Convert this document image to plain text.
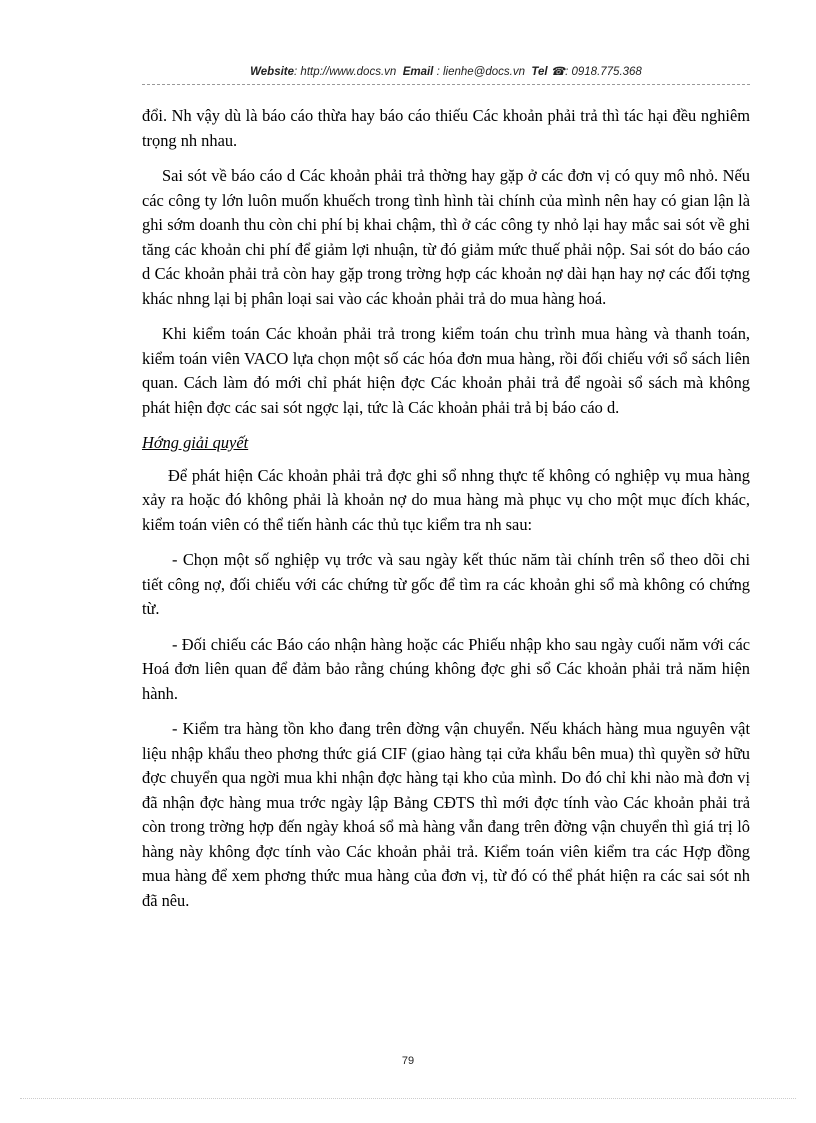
Website: http://www.docs.vn Email : lienhe@docs.vn Tel ☎: 0918.775.368

đổi. Nh vậy dù là báo cáo thừa hay báo cáo thiếu Các khoản phải trả thì tác hại đều nghiêm trọng nh nhau.

Sai sót về báo cáo d Các khoản phải trả thờng hay gặp ở các đơn vị có quy mô nhỏ. Nếu các công ty lớn luôn muốn khuếch trong tình hình tài chính của mình nên hay có gian lận là ghi sớm doanh thu còn chi phí bị khai chậm, thì ở các công ty nhỏ lại hay mắc sai sót về ghi tăng các khoản chi phí để giảm lợi nhuận, từ đó giảm mức thuế phải nộp. Sai sót do báo cáo d Các khoản phải trả còn hay gặp trong trờng hợp các khoản nợ dài hạn hay nợ các đối tợng khác nhng lại bị phân loại sai vào các khoản phải trả do mua hàng hoá.

Khi kiểm toán Các khoản phải trả trong kiểm toán chu trình mua hàng và thanh toán, kiểm toán viên VACO lựa chọn một số các hóa đơn mua hàng, rồi đối chiếu với sổ sách liên quan. Cách làm đó mới chỉ phát hiện đợc Các khoản phải trả để ngoài sổ sách mà không phát hiện đợc các sai sót ngợc lại, tức là Các khoản phải trả bị báo cáo d.

Hớng giải quyết

Để phát hiện Các khoản phải trả đợc ghi sổ nhng thực tế không có nghiệp vụ mua hàng xảy ra hoặc đó không phải là khoản nợ do mua hàng mà phục vụ cho một mục đích khác, kiểm toán viên có thể tiến hành các thủ tục kiểm tra nh sau:

- Chọn một số nghiệp vụ trớc và sau ngày kết thúc năm tài chính trên sổ theo dõi chi tiết công nợ, đối chiếu với các chứng từ gốc để tìm ra các khoản ghi sổ mà không có chứng từ.

- Đối chiếu các Báo cáo nhận hàng hoặc các Phiếu nhập kho sau ngày cuối năm với các Hoá đơn liên quan để đảm bảo rằng chúng không đợc ghi sổ Các khoản phải trả năm hiện hành.

- Kiểm tra hàng tồn kho đang trên đờng vận chuyển. Nếu khách hàng mua nguyên vật liệu nhập khẩu theo phơng thức giá CIF (giao hàng tại cửa khẩu bên mua) thì quyền sở hữu đợc chuyển qua ngời mua khi nhận đợc hàng tại kho của mình. Do đó chỉ khi nào mà đơn vị đã nhận đợc hàng mua trớc ngày lập Bảng CĐTS thì mới đợc tính vào Các khoản phải trả còn trong trờng hợp đến ngày khoá sổ mà hàng vẫn đang trên đờng vận chuyển thì giá trị lô hàng này không đợc tính vào Các khoản phải trả. Kiểm toán viên kiểm tra các Hợp đồng mua hàng để xem phơng thức mua hàng của đơn vị, từ đó có thể phát hiện ra các sai sót nh đã nêu.

79
